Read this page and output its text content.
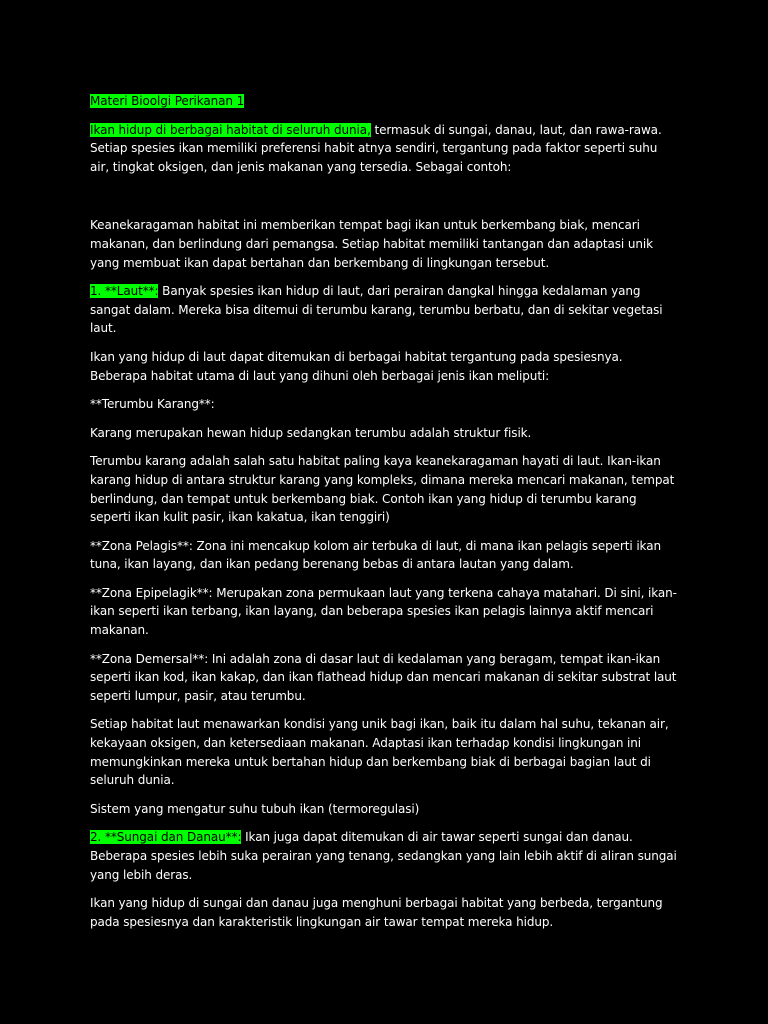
Materi Bioolgi Perikanan 1

Ikan hidup di berbagai habitat di seluruh dunia, termasuk di sungai, danau, laut, dan rawa-rawa. Setiap spesies ikan memiliki preferensi habit atnya sendiri, tergantung pada faktor seperti suhu air, tingkat oksigen, dan jenis makanan yang tersedia. Sebagai contoh:

Keanekaragaman habitat ini memberikan tempat bagi ikan untuk berkembang biak, mencari makanan, dan berlindung dari pemangsa. Setiap habitat memiliki tantangan dan adaptasi unik yang membuat ikan dapat bertahan dan berkembang di lingkungan tersebut.

1. **Laut**: Banyak spesies ikan hidup di laut, dari perairan dangkal hingga kedalaman yang sangat dalam. Mereka bisa ditemui di terumbu karang, terumbu berbatu, dan di sekitar vegetasi laut.

Ikan yang hidup di laut dapat ditemukan di berbagai habitat tergantung pada spesiesnya. Beberapa habitat utama di laut yang dihuni oleh berbagai jenis ikan meliputi:

**Terumbu Karang**:

Karang merupakan hewan hidup sedangkan terumbu adalah struktur fisik.

Terumbu karang adalah salah satu habitat paling kaya keanekaragaman hayati di laut. Ikan-ikan karang hidup di antara struktur karang yang kompleks, dimana mereka mencari makanan, tempat berlindung, dan tempat untuk berkembang biak. Contoh ikan yang hidup di terumbu karang seperti ikan kulit pasir, ikan kakatua, ikan tenggiri)

**Zona Pelagis**: Zona ini mencakup kolom air terbuka di laut, di mana ikan pelagis seperti ikan tuna, ikan layang, dan ikan pedang berenang bebas di antara lautan yang dalam.

**Zona Epipelagik**: Merupakan zona permukaan laut yang terkena cahaya matahari. Di sini, ikan-ikan seperti ikan terbang, ikan layang, dan beberapa spesies ikan pelagis lainnya aktif mencari makanan.

**Zona Demersal**: Ini adalah zona di dasar laut di kedalaman yang beragam, tempat ikan-ikan seperti ikan kod, ikan kakap, dan ikan flathead hidup dan mencari makanan di sekitar substrat laut seperti lumpur, pasir, atau terumbu.

Setiap habitat laut menawarkan kondisi yang unik bagi ikan, baik itu dalam hal suhu, tekanan air, kekayaan oksigen, dan ketersediaan makanan. Adaptasi ikan terhadap kondisi lingkungan ini memungkinkan mereka untuk bertahan hidup dan berkembang biak di berbagai bagian laut di seluruh dunia.

Sistem yang mengatur suhu tubuh ikan (termoregulasi)

2. **Sungai dan Danau**: Ikan juga dapat ditemukan di air tawar seperti sungai dan danau. Beberapa spesies lebih suka perairan yang tenang, sedangkan yang lain lebih aktif di aliran sungai yang lebih deras.

Ikan yang hidup di sungai dan danau juga menghuni berbagai habitat yang berbeda, tergantung pada spesiesnya dan karakteristik lingkungan air tawar tempat mereka hidup.
